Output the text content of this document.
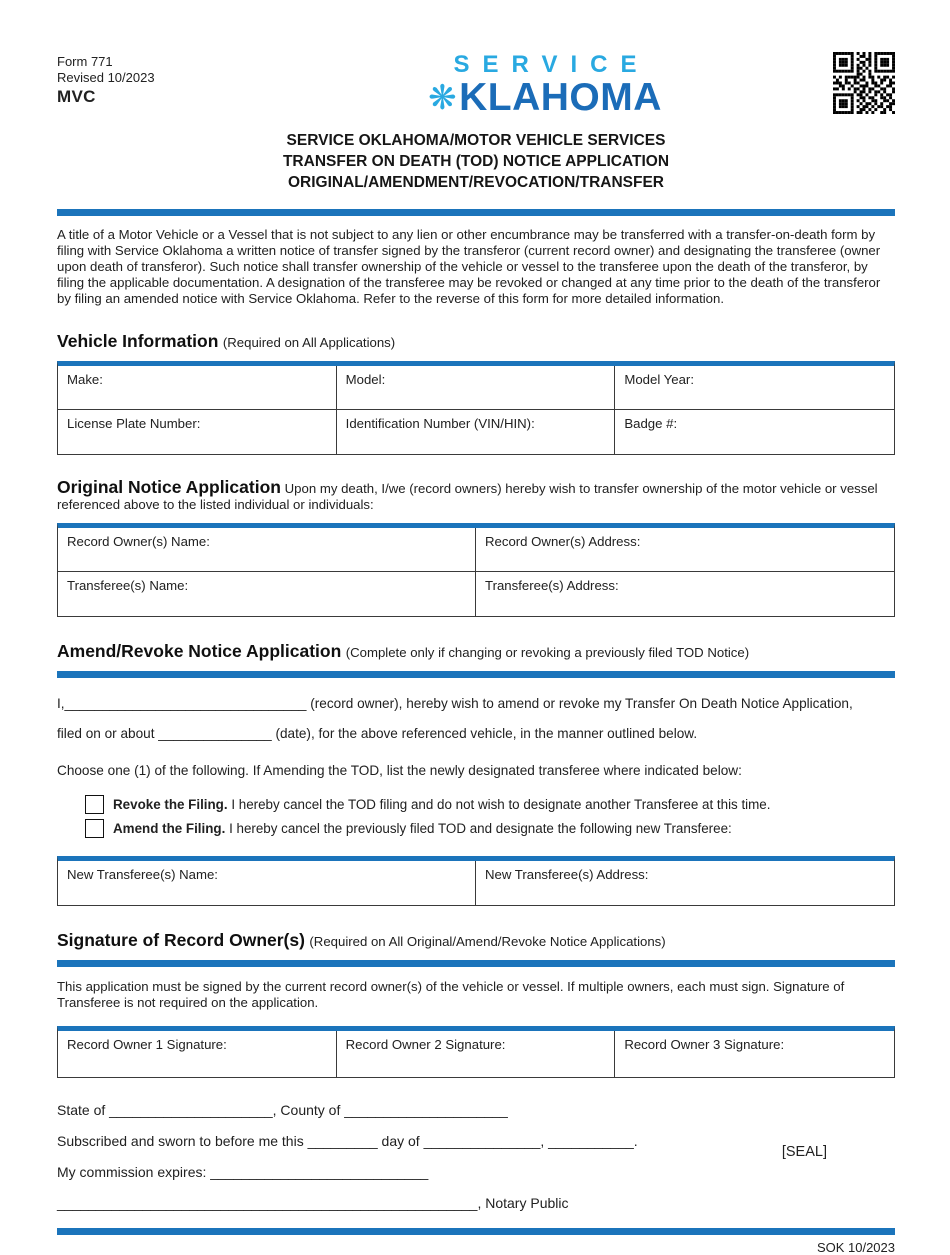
Form 771
Revised 10/2023
MVC
SERVICE
❋ KLAHOMA
SERVICE OKLAHOMA/MOTOR VEHICLE SERVICES
TRANSFER ON DEATH (TOD) NOTICE APPLICATION
ORIGINAL/AMENDMENT/REVOCATION/TRANSFER

A title of a Motor Vehicle or a Vessel that is not subject to any lien or other encumbrance may be transferred with a transfer-on-death form by filing with Service Oklahoma a written notice of transfer signed by the transferor (current record owner) and designating the transferee (owner upon death of transferor). Such notice shall transfer ownership of the vehicle or vessel to the transferee upon the death of the transferor, by filing the applicable documentation. A designation of the transferee may be revoked or changed at any time prior to the death of the transferor by filing an amended notice with Service Oklahoma. Refer to the reverse of this form for more detailed information.

Vehicle Information (Required on All Applications)
Make:	Model:	Model Year:
License Plate Number:	Identification Number (VIN/HIN):	Badge #:

Original Notice Application Upon my death, I/we (record owners) hereby wish to transfer ownership of the motor vehicle or vessel referenced above to the listed individual or individuals:

Record Owner(s) Name:	Record Owner(s) Address:
Transferee(s) Name:	Transferee(s) Address:
Amend/Revoke Notice Application (Complete only if changing or revoking a previously filed TOD Notice)

I,________________________________ (record owner), hereby wish to amend or revoke my Transfer On Death Notice Application,

filed on or about _______________ (date), for the above referenced vehicle, in the manner outlined below.

Choose one (1) of the following. If Amending the TOD, list the newly designated transferee where indicated below:

Revoke the Filing. I hereby cancel the TOD filing and do not wish to designate another Transferee at this time.
Amend the Filing. I hereby cancel the previously filed TOD and designate the following new Transferee:
New Transferee(s) Name:	New Transferee(s) Address:
Signature of Record Owner(s) (Required on All Original/Amend/Revoke Notice Applications)

This application must be signed by the current record owner(s) of the vehicle or vessel. If multiple owners, each must sign. Signature of Transferee is not required on the application.

Record Owner 1 Signature:	Record Owner 2 Signature:	Record Owner 3 Signature:

State of _____________________, County of _____________________

Subscribed and sworn to before me this _________ day of _______________, ___________.

[SEAL]

My commission expires: ____________________________

______________________________________________________, Notary Public

SOK 10/2023
